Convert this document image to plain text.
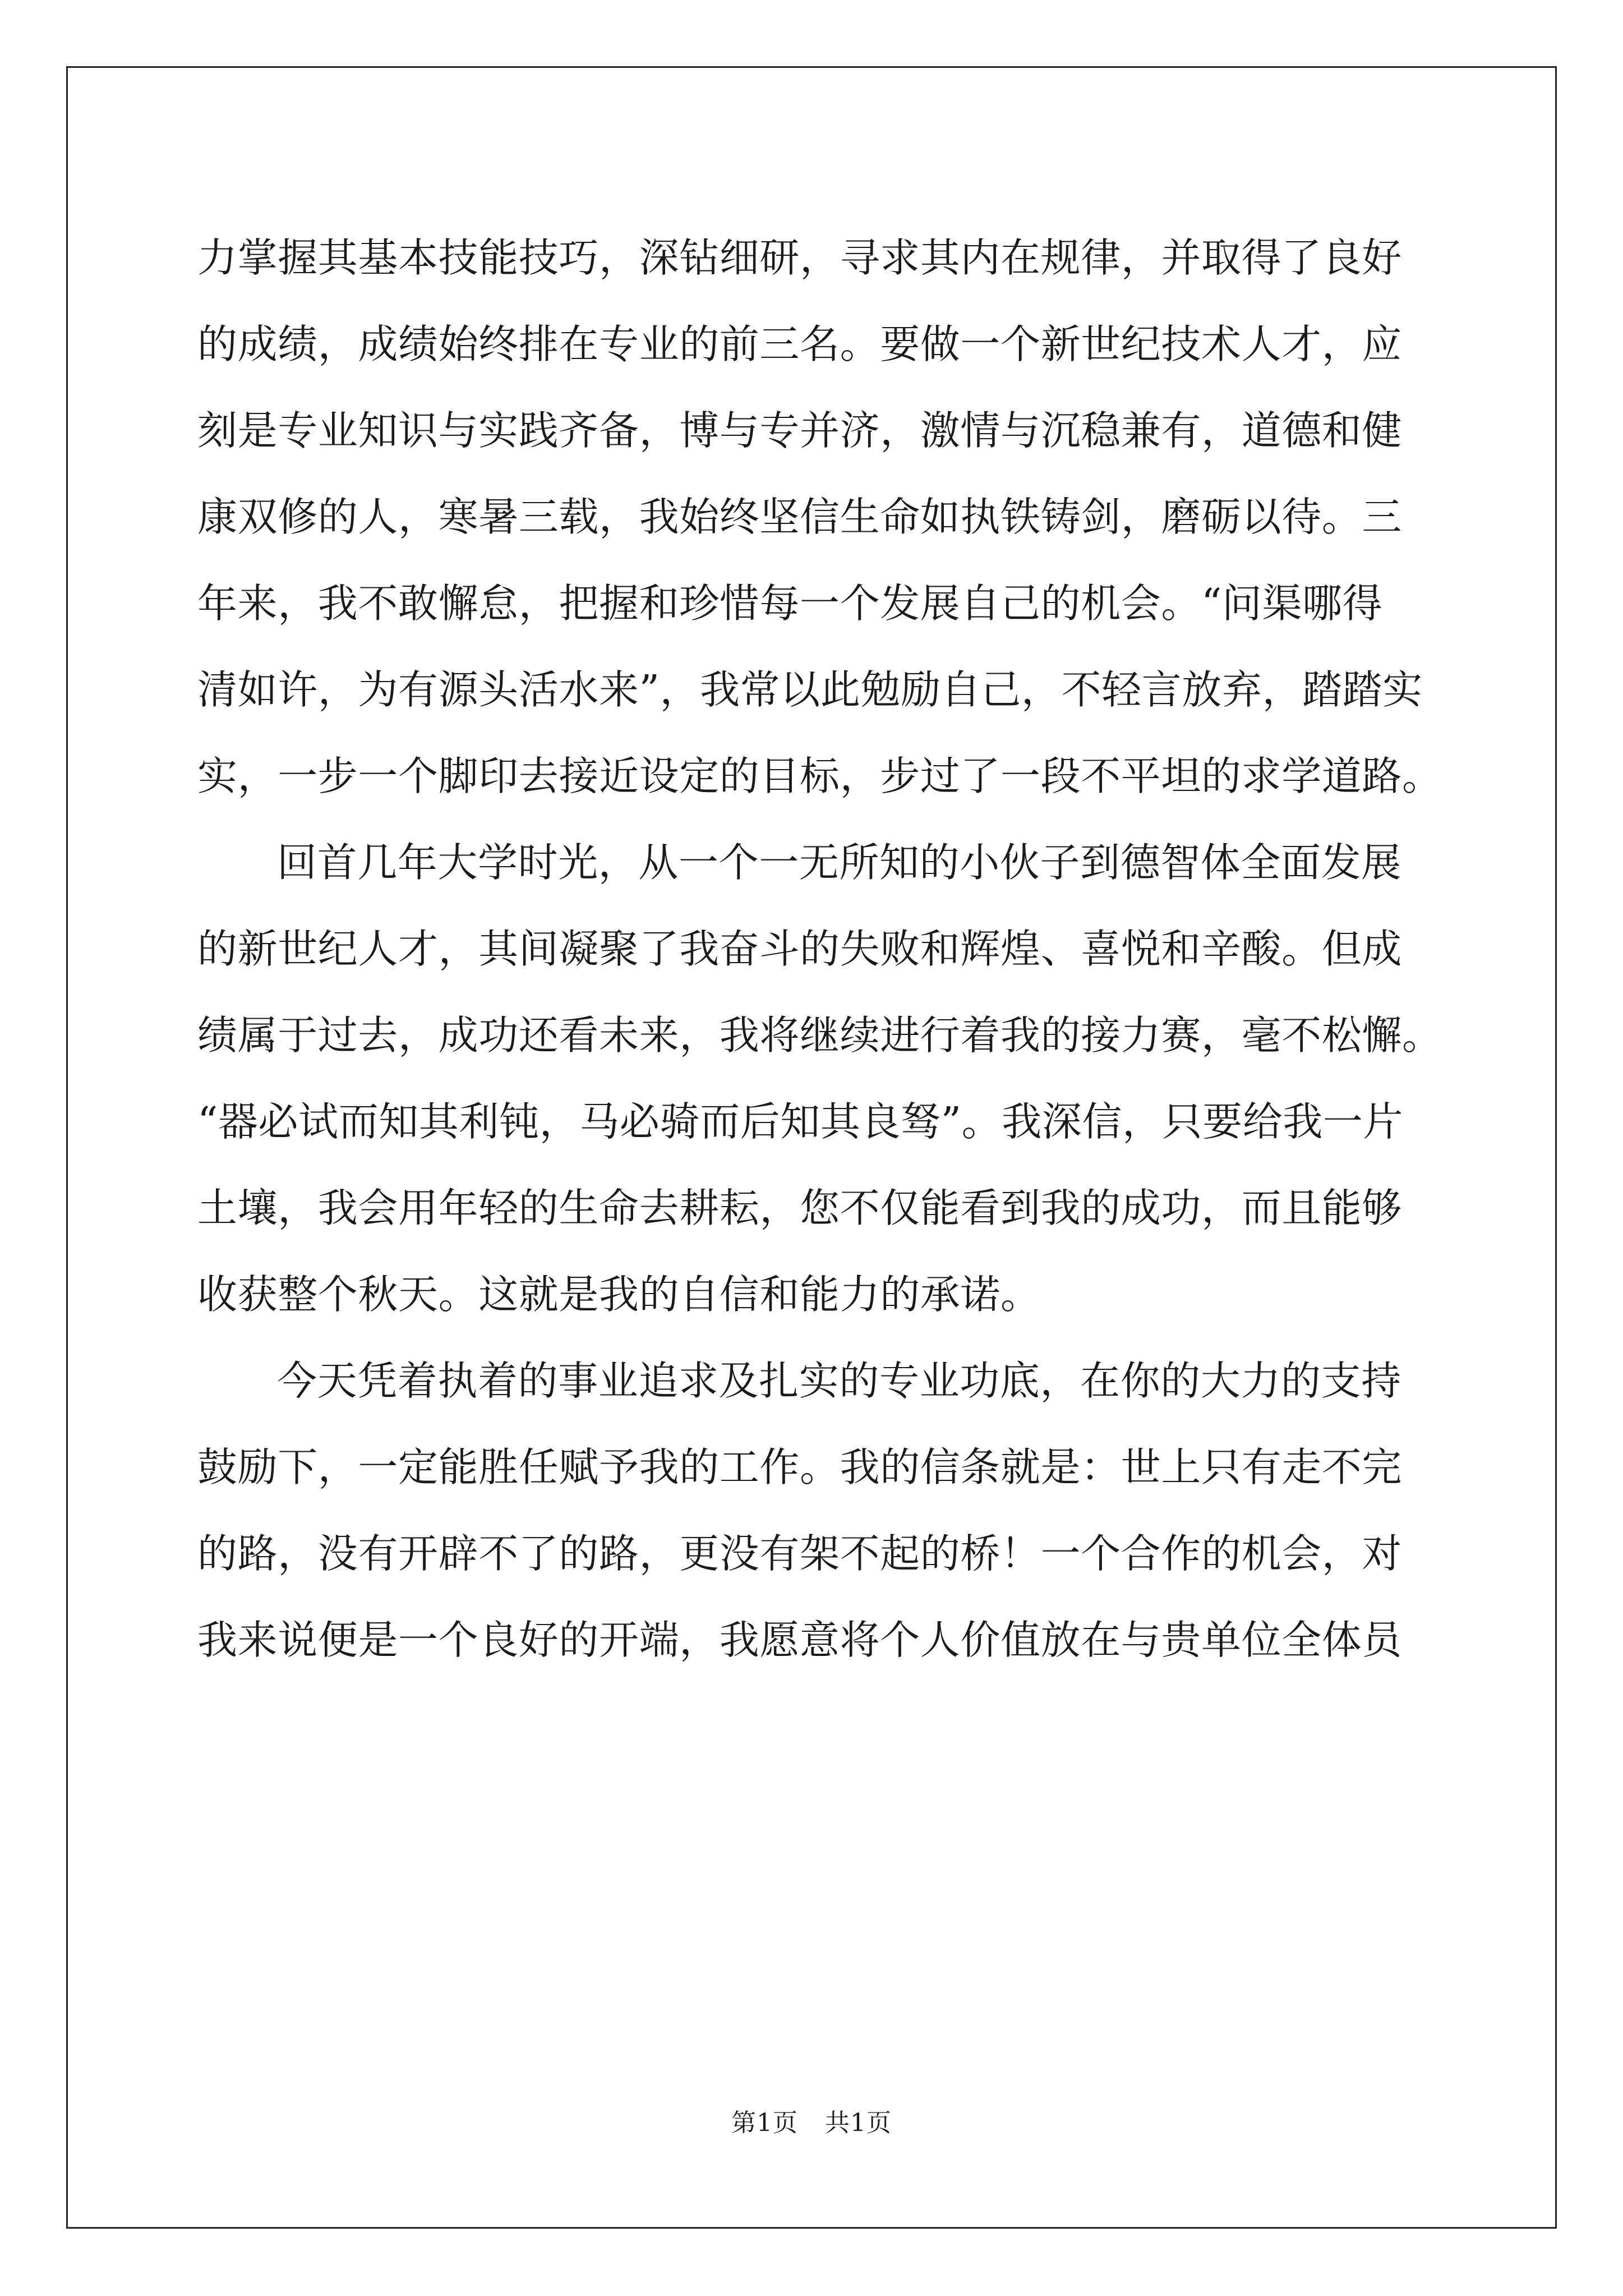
力掌握其基本技能技巧，深钻细研，寻求其内在规律，并取得了良好
的成绩，成绩始终排在专业的前三名。要做一个新世纪技术人才，应
刻是专业知识与实践齐备，博与专并济，激情与沉稳兼有，道德和健
康双修的人，寒暑三载，我始终坚信生命如执铁铸剑，磨砺以待。三
年来，我不敢懈怠，把握和珍惜每一个发展自己的机会。“问渠哪得
清如许，为有源头活水来”，我常以此勉励自己，不轻言放弃，踏踏实
实，一步一个脚印去接近设定的目标，步过了一段不平坦的求学道路。
回首几年大学时光，从一个一无所知的小伙子到德智体全面发展
的新世纪人才，其间凝聚了我奋斗的失败和辉煌、喜悦和辛酸。但成
绩属于过去，成功还看未来，我将继续进行着我的接力赛，毫不松懈。
“器必试而知其利钝，马必骑而后知其良驽”。我深信，只要给我一片
土壤，我会用年轻的生命去耕耘，您不仅能看到我的成功，而且能够
收获整个秋天。这就是我的自信和能力的承诺。
今天凭着执着的事业追求及扎实的专业功底，在你的大力的支持
鼓励下，一定能胜任赋予我的工作。我的信条就是：世上只有走不完
的路，没有开辟不了的路，更没有架不起的桥！一个合作的机会，对
我来说便是一个良好的开端，我愿意将个人价值放在与贵单位全体员
第1页 共1页
